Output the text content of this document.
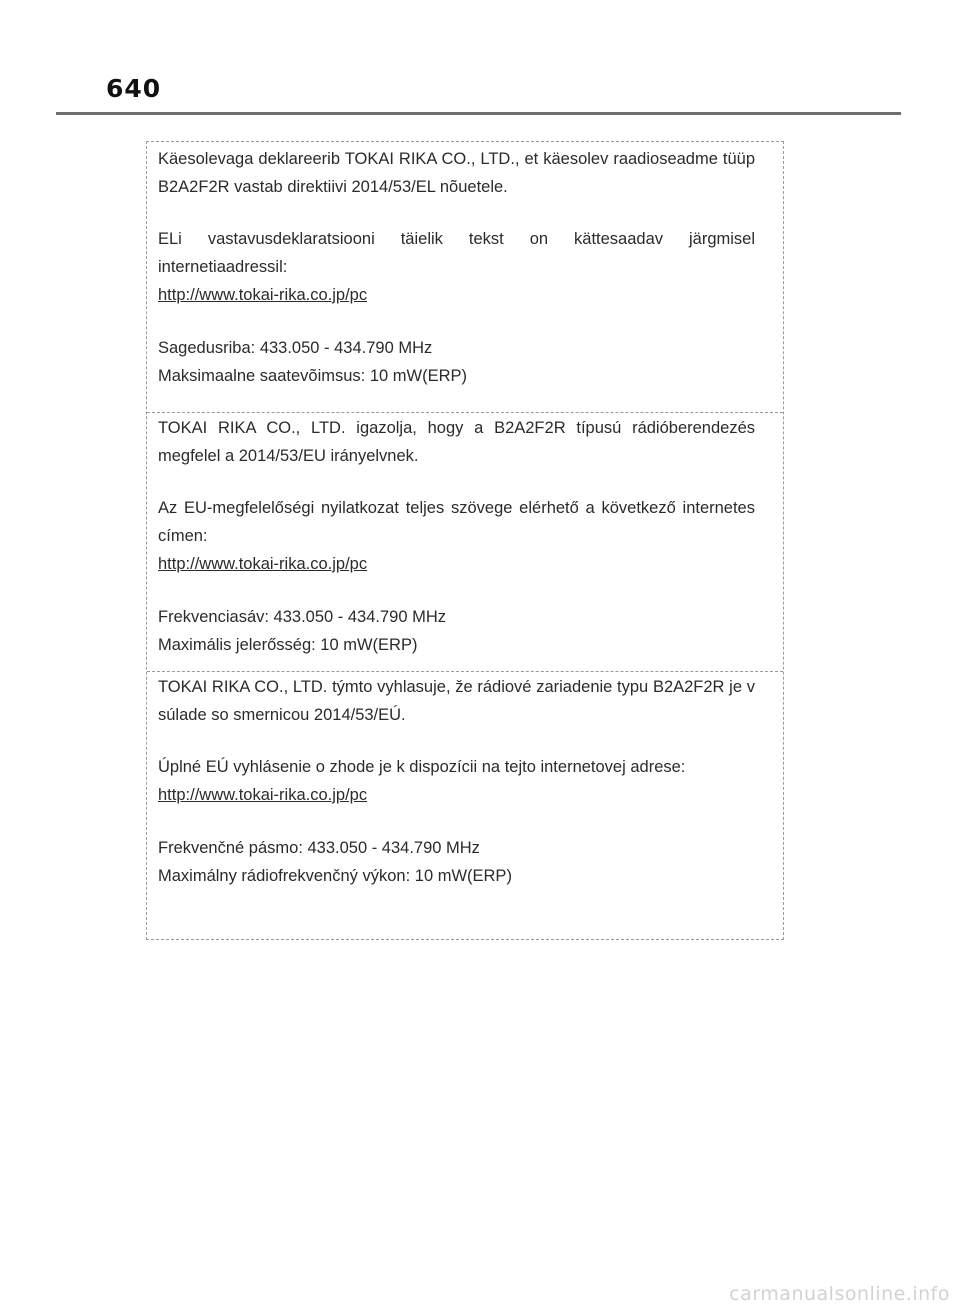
640

Käesolevaga deklareerib TOKAI RIKA CO., LTD., et käesolev raadioseadme tüüp B2A2F2R vastab direktiivi 2014/53/EL nõuetele.

ELi vastavusdeklaratsiooni täielik tekst on kättesaadav järgmisel internetiaadressil:

http://www.tokai-rika.co.jp/pc
Sagedusriba: 433.050 - 434.790 MHz
Maksimaalne saatevõimsus: 10 mW(ERP)

TOKAI RIKA CO., LTD. igazolja, hogy a B2A2F2R típusú rádióberendezés megfelel a 2014/53/EU irányelvnek.

Az EU-megfelelőségi nyilatkozat teljes szövege elérhető a következő internetes címen:

http://www.tokai-rika.co.jp/pc
Frekvenciasáv: 433.050 - 434.790 MHz
Maximális jelerősség: 10 mW(ERP)

TOKAI RIKA CO., LTD. týmto vyhlasuje, že rádiové zariadenie typu B2A2F2R je v súlade so smernicou 2014/53/EÚ.

Úplné EÚ vyhlásenie o zhode je k dispozícii na tejto internetovej adrese:

http://www.tokai-rika.co.jp/pc
Frekvenčné pásmo: 433.050 - 434.790 MHz
Maximálny rádiofrekvenčný výkon: 10 mW(ERP)
carmanualsonline.info
